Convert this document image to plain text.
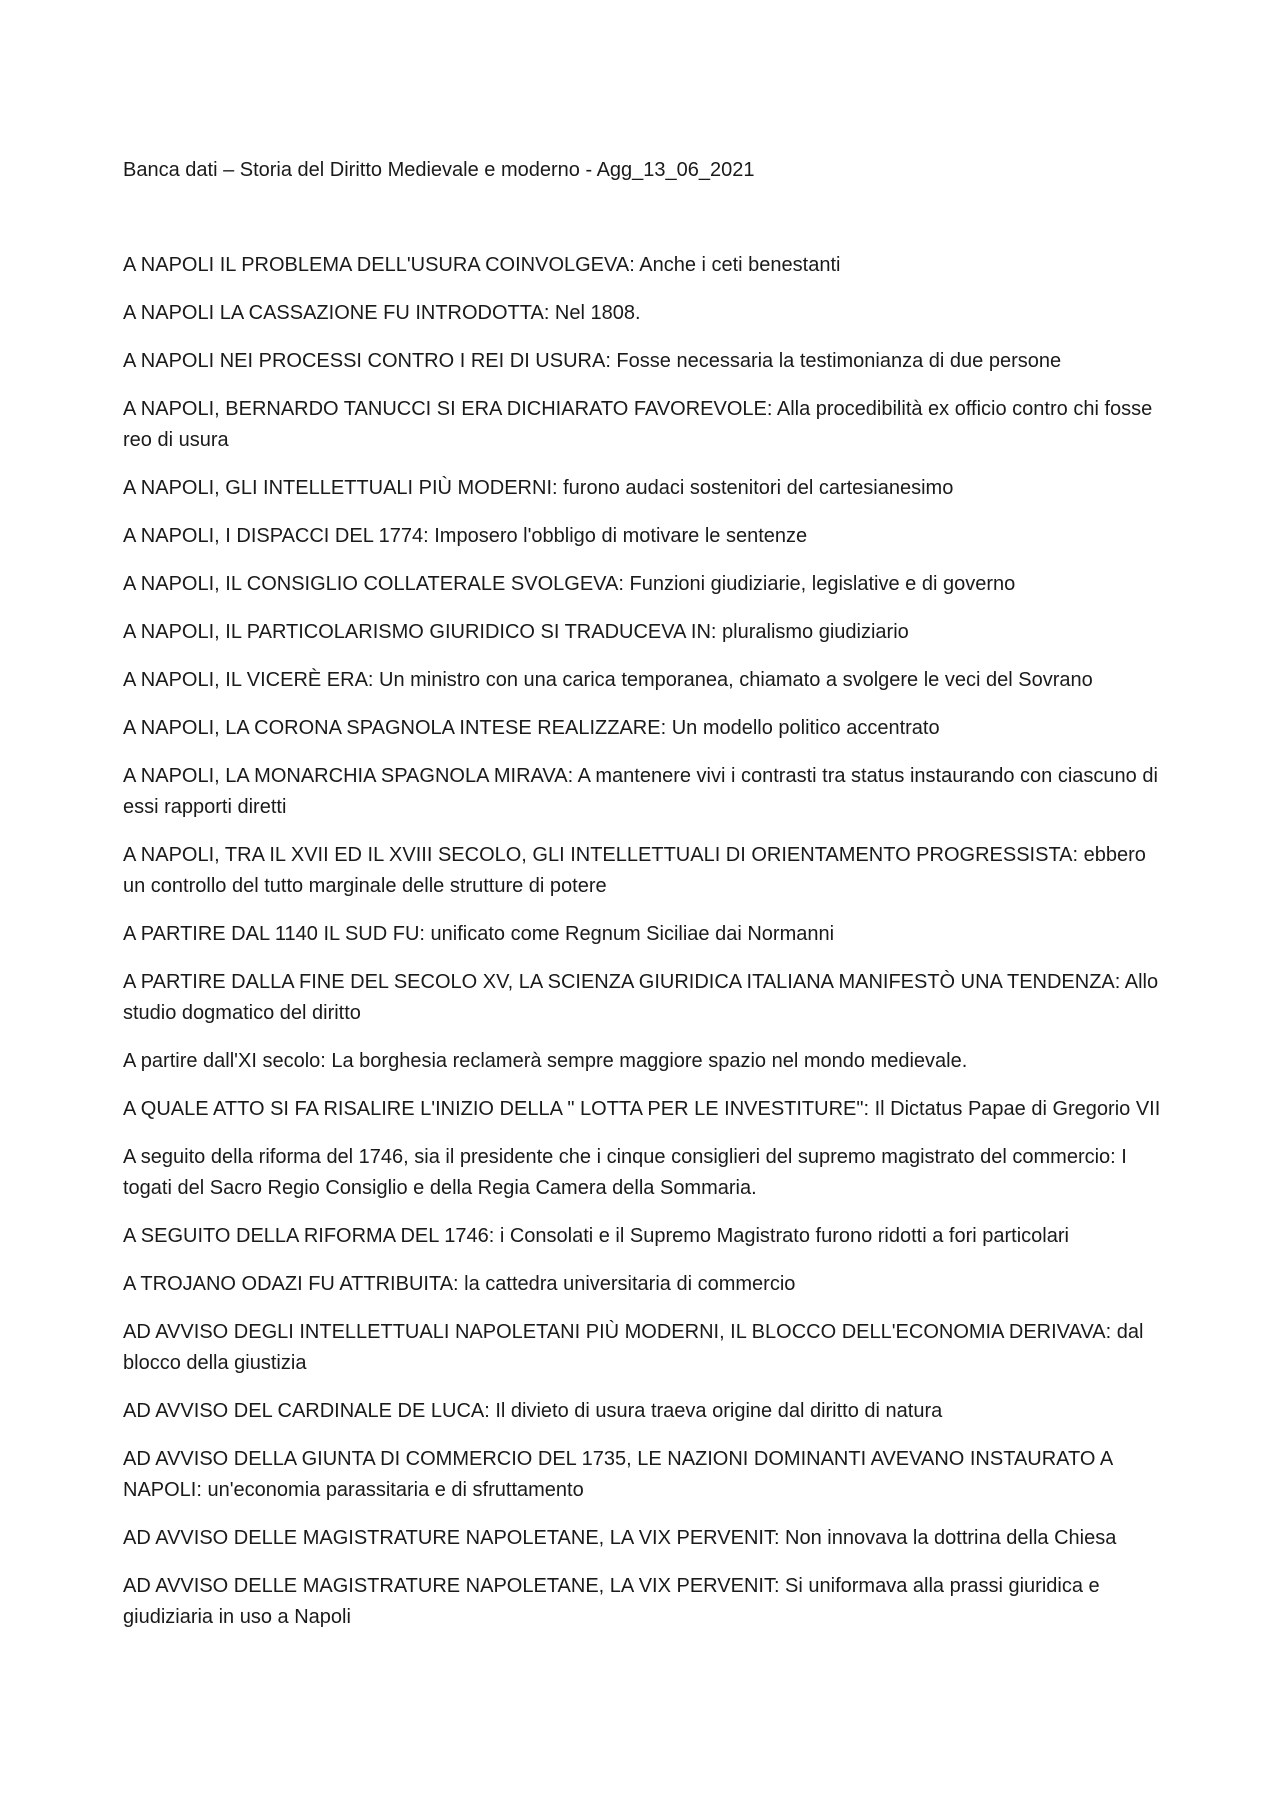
Banca dati – Storia del Diritto Medievale e moderno - Agg_13_06_2021

A NAPOLI IL PROBLEMA DELL'USURA COINVOLGEVA: Anche i ceti benestanti
A NAPOLI LA CASSAZIONE FU INTRODOTTA: Nel 1808.
A NAPOLI NEI PROCESSI CONTRO I REI DI USURA: Fosse necessaria la testimonianza di due persone
A NAPOLI, BERNARDO TANUCCI SI ERA DICHIARATO FAVOREVOLE: Alla procedibilità ex officio contro chi fosse reo di usura
A NAPOLI, GLI INTELLETTUALI PIÙ MODERNI: furono audaci sostenitori del cartesianesimo
A NAPOLI, I DISPACCI DEL 1774: Imposero l'obbligo di motivare le sentenze
A NAPOLI, IL CONSIGLIO COLLATERALE SVOLGEVA: Funzioni giudiziarie, legislative e di governo
A NAPOLI, IL PARTICOLARISMO GIURIDICO SI TRADUCEVA IN: pluralismo giudiziario
A NAPOLI, IL VICERÈ ERA: Un ministro con una carica temporanea, chiamato a svolgere le veci del Sovrano
A NAPOLI, LA CORONA SPAGNOLA INTESE REALIZZARE: Un modello politico accentrato
A NAPOLI, LA MONARCHIA SPAGNOLA MIRAVA: A mantenere vivi i contrasti tra status instaurando con ciascuno di essi rapporti diretti
A NAPOLI, TRA IL XVII ED IL XVIII SECOLO, GLI INTELLETTUALI DI ORIENTAMENTO PROGRESSISTA: ebbero un controllo del tutto marginale delle strutture di potere
A PARTIRE DAL 1140 IL SUD FU: unificato come Regnum Siciliae dai Normanni
A PARTIRE DALLA FINE DEL SECOLO XV, LA SCIENZA GIURIDICA ITALIANA MANIFESTÒ UNA TENDENZA: Allo studio dogmatico del diritto
A partire dall'XI secolo: La borghesia reclamerà sempre maggiore spazio nel mondo medievale.
A QUALE ATTO SI FA RISALIRE L'INIZIO DELLA " LOTTA PER LE INVESTITURE": Il Dictatus Papae di Gregorio VII
A seguito della riforma del 1746, sia il presidente che i cinque consiglieri del supremo magistrato del commercio: I togati del Sacro Regio Consiglio e della Regia Camera della Sommaria.
A SEGUITO DELLA RIFORMA DEL 1746: i Consolati e il Supremo Magistrato furono ridotti a fori particolari
A TROJANO ODAZI FU ATTRIBUITA: la cattedra universitaria di commercio
AD AVVISO DEGLI INTELLETTUALI NAPOLETANI PIÙ MODERNI, IL BLOCCO DELL'ECONOMIA DERIVAVA: dal blocco della giustizia
AD AVVISO DEL CARDINALE DE LUCA: Il divieto di usura traeva origine dal diritto di natura
AD AVVISO DELLA GIUNTA DI COMMERCIO DEL 1735, LE NAZIONI DOMINANTI AVEVANO INSTAURATO A NAPOLI: un'economia parassitaria e di sfruttamento
AD AVVISO DELLE MAGISTRATURE NAPOLETANE, LA VIX PERVENIT: Non innovava la dottrina della Chiesa
AD AVVISO DELLE MAGISTRATURE NAPOLETANE, LA VIX PERVENIT: Si uniformava alla prassi giuridica e giudiziaria in uso a Napoli
